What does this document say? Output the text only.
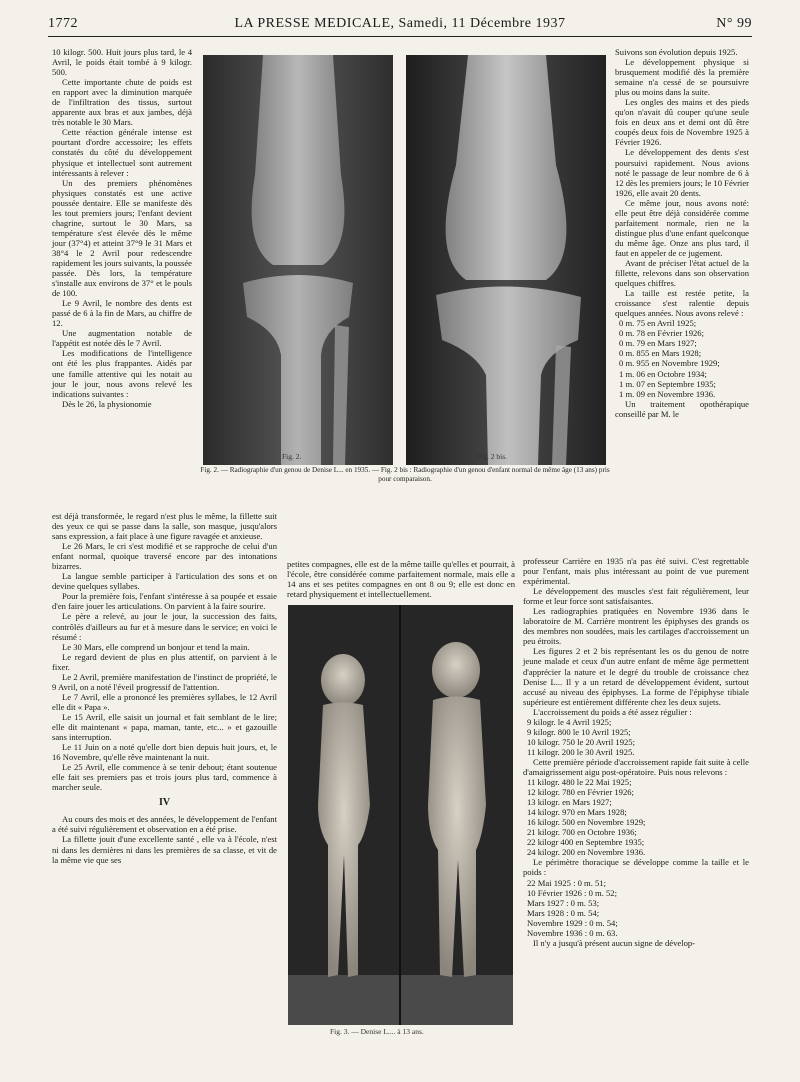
1772	LA PRESSE MEDICALE, Samedi, 11 Décembre 1937	N° 99

10 kilogr. 500. Huit jours plus tard, le 4 Avril, le poids était tombé à 9 kilogr. 500.

Cette importante chute de poids est en rapport avec la diminution marquée de l'infiltration des tissus, surtout apparente aux bras et aux jambes, déjà très notable le 30 Mars.

Cette réaction générale intense est pourtant d'ordre accessoire; les effets constatés du côté du développement physique et intellectuel sont autrement intéressants à relever :

Un des premiers phénomènes physiques constatés est une active poussée dentaire. Elle se manifeste dès les tout premiers jours; l'enfant devient chagrine, surtout le 30 Mars, sa température s'est élevée dès le même jour (37°4) et atteint 37°9 le 31 Mars et 38°4 le 2 Avril pour redescendre rapidement les jours suivants, la poussée passée. Dès lors, la température s'installe aux environs de 37° et le pouls de 100.

Le 9 Avril, le nombre des dents est passé de 6 à la fin de Mars, au chiffre de 12.

Une augmentation notable de l'appétit est notée dès le 7 Avril.

Les modifications de l'intelligence ont été les plus frappantes. Aidés par une famille attentive qui les notait au jour le jour, nous avons relevé les indications suivantes :

Dès le 26, la physionomie

Fig. 2.	Fig. 2 bis.
Fig. 2. — Radiographie d'un genou de Denise L... en 1935. — Fig. 2 bis : Radiographie d'un genou d'enfant normal de même âge (13 ans) pris pour comparaison.

est déjà transformée, le regard n'est plus le même, la fillette suit des yeux ce qui se passe dans la salle, son masque, jusqu'alors sans expression, a fait place à une figure ravagée et anxieuse.

Le 26 Mars, le cri s'est modifié et se rapproche de celui d'un enfant normal, quoique traversé encore par des intonations bizarres.

La langue semble participer à l'articulation des sons et on devine quelques syllabes.

Pour la première fois, l'enfant s'intéresse à sa poupée et essaie d'en faire jouer les articulations. On parvient à la faire sourire.

Le père a relevé, au jour le jour, la succession des faits, contrôlés d'ailleurs au fur et à mesure dans le service; en voici le résumé :

Le 30 Mars, elle comprend un bonjour et tend la main.

Le regard devient de plus en plus attentif, on parvient à le fixer.

Le 2 Avril, première manifestation de l'instinct de propriété, le 9 Avril, on a noté l'éveil progressif de l'attention.

Le 7 Avril, elle a prononcé les premières syllabes, le 12 Avril elle dit « Papa ».

Le 15 Avril, elle saisit un journal et fait semblant de le lire; elle dit maintenant « papa, maman, tante, etc... » et gazouille sans interruption.

Le 11 Juin on a noté qu'elle dort bien depuis huit jours, et, le 16 Novembre, qu'elle rêve maintenant la nuit.

Le 25 Avril, elle commence à se tenir debout; étant soutenue elle fait ses premiers pas et trois jours plus tard, commence à marcher seule.

IV

Au cours des mois et des années, le développement de l'enfant a été suivi régulièrement et observation en a été prise.

La fillette jouit d'une excellente santé , elle va à l'école, n'est ni dans les dernières ni dans les premières de sa classe, et vit de la même vie que ses

petites compagnes, elle est de la même taille qu'elles et pourrait, à l'école, être considérée comme parfaitement normale, mais elle a 14 ans et ses petites compagnes en ont 8 ou 9; elle est donc en retard physiquement et intellectuellement.

Fig. 3. — Denise L.... à 13 ans.

Suivons son évolution depuis 1925.

Le développement physique si brusquement modifié dès la première semaine n'a cessé de se poursuivre plus ou moins dans la suite.

Les ongles des mains et des pieds qu'on n'avait dû couper qu'une seule fois en deux ans et demi ont dû être coupés deux fois de Novembre 1925 à Février 1926.

Le développement des dents s'est poursuivi rapidement. Nous avions noté le passage de leur nombre de 6 à 12 dès les premiers jours; le 10 Février 1926, elle avait 20 dents.

Ce même jour, nous avons noté: elle peut être déjà considérée comme parfaitement normale, rien ne la distingue plus d'une enfant quelconque du même âge. Onze ans plus tard, il faut en appeler de ce jugement.

Avant de préciser l'état actuel de la fillette, relevons dans son observation quelques chiffres.

La taille est restée petite, la croissance s'est ralentie depuis quelques années. Nous avons relevé :

0 m. 75 en Avril 1925;
0 m. 78 en Février 1926;
0 m. 79 en Mars 1927;
0 m. 855 en Mars 1928;
0 m. 955 en Novembre 1929;
1 m. 06 en Octobre 1934;
1 m. 07 en Septembre 1935;
1 m. 09 en Novembre 1936.

Un traitement opothérapique conseillé par M. le

professeur Carrière en 1935 n'a pas été suivi. C'est regrettable pour l'enfant, mais plus intéressant au point de vue purement expérimental.

Le développement des muscles s'est fait régulièrement, leur forme et leur force sont satisfaisantes.

Les radiographies pratiquées en Novembre 1936 dans le laboratoire de M. Carrière montrent les épiphyses des grands os des membres non soudées, mais les cartilages d'accroissement un peu étroits.

Les figures 2 et 2 bis représentant les os du genou de notre jeune malade et ceux d'un autre enfant de même âge permettent d'apprécier la nature et le degré du trouble de croissance chez Denise L... Il y a un retard de développement évident, surtout accusé au niveau des épiphyses. La forme de l'épiphyse tibiale supérieure est entièrement différente chez les deux sujets.

L'accroissement du poids a été assez régulier :

9 kilogr. le 4 Avril 1925;
9 kilogr. 800 le 10 Avril 1925;
10 kilogr. 750 le 20 Avril 1925;
11 kilogr. 200 le 30 Avril 1925.

Cette première période d'accroissement rapide fait suite à celle d'amaigrissement aigu post-opératoire. Puis nous relevons :

11 kilogr. 480 le 22 Mai 1925;
12 kilogr. 780 en Février 1926;
13 kilogr. en Mars 1927;
14 kilogr. 970 en Mars 1928;
16 kilogr. 500 en Novembre 1929;
21 kilogr. 700 en Octobre 1936;
22 kilogr 400 en Septembre 1935;
24 kilogr. 200 en Novembre 1936.

Le périmètre thoracique se développe comme la taille et le poids :

22 Mai 1925 : 0 m. 51;
10 Février 1926 : 0 m. 52;
Mars 1927 : 0 m. 53;
Mars 1928 : 0 m. 54;
Novembre 1929 : 0 m. 54;
Novembre 1936 : 0 m. 63.

Il n'y a jusqu'à présent aucun signe de dévelop-
